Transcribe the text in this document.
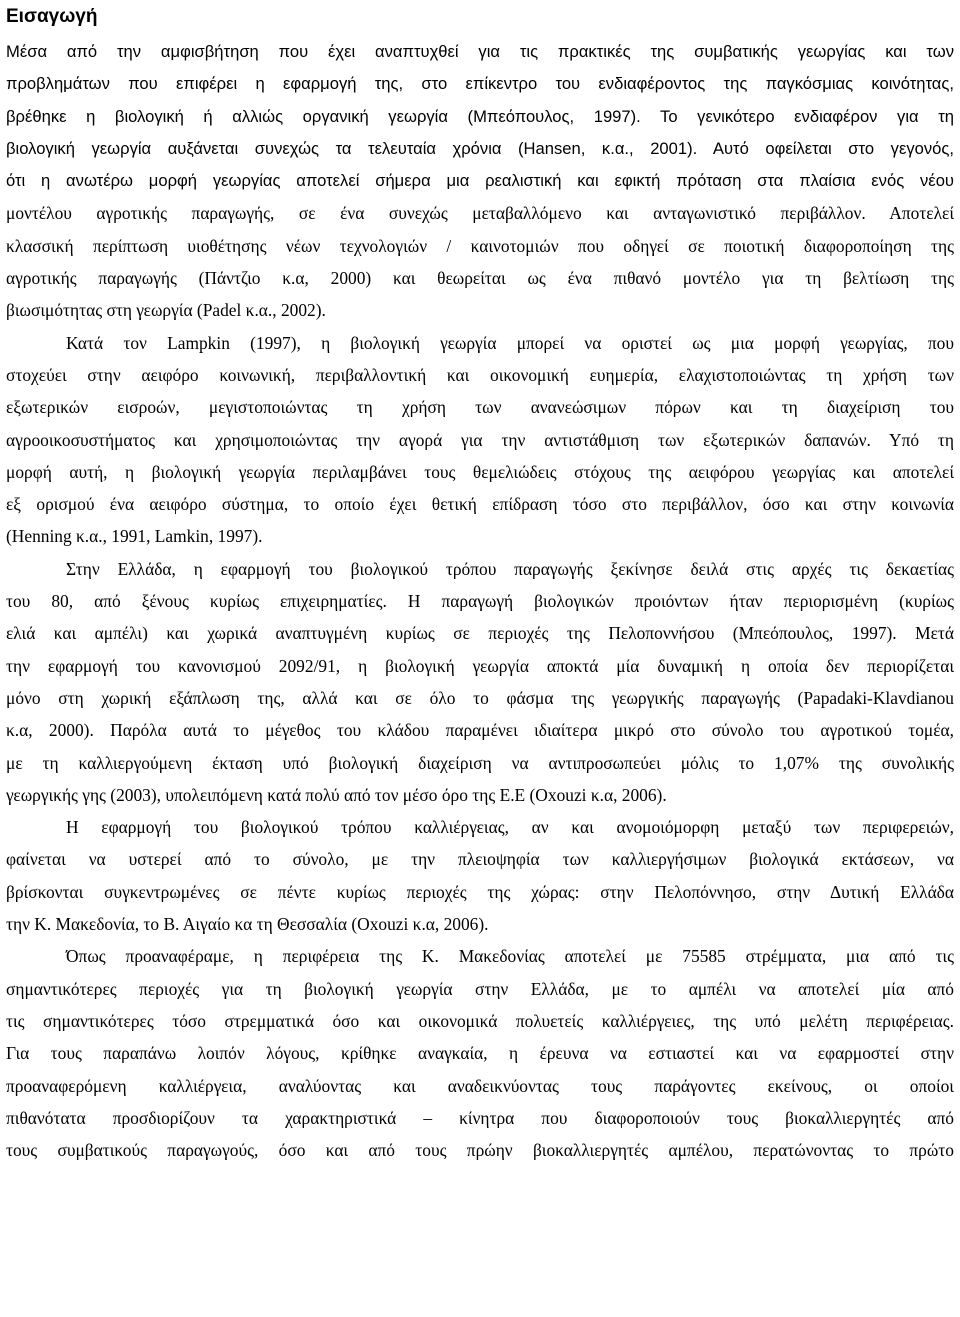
Εισαγωγή
Μέσα από την αμφισβήτηση που έχει αναπτυχθεί για τις πρακτικές της συμβατικής γεωργίας και των
προβλημάτων που επιφέρει η εφαρμογή της, στο επίκεντρο του ενδιαφέροντος της παγκόσμιας κοινότητας,
βρέθηκε η βιολογική ή αλλιώς οργανική γεωργία (Μπεόπουλος, 1997). Το γενικότερο ενδιαφέρον για τη
βιολογική γεωργία αυξάνεται συνεχώς τα τελευταία χρόνια (Hansen, κ.α., 2001). Αυτό οφείλεται στο γεγονός,
ότι η ανωτέρω μορφή γεωργίας αποτελεί σήμερα μια ρεαλιστική και εφικτή πρόταση στα πλαίσια ενός νέου
μοντέλου αγροτικής παραγωγής, σε ένα συνεχώς μεταβαλλόμενο και ανταγωνιστικό περιβάλλον. Αποτελεί
κλασσική περίπτωση υιοθέτησης νέων τεχνολογιών / καινοτομιών που οδηγεί σε ποιοτική διαφοροποίηση της
αγροτικής παραγωγής (Πάντζιο κ.α, 2000) και θεωρείται ως ένα πιθανό μοντέλο για τη βελτίωση της
βιωσιμότητας στη γεωργία (Padel κ.α., 2002).
Κατά τον Lampkin (1997), η βιολογική γεωργία μπορεί να οριστεί ως μια μορφή γεωργίας, που
στοχεύει στην αειφόρο κοινωνική, περιβαλλοντική και οικονομική ευημερία, ελαχιστοποιώντας τη χρήση των
εξωτερικών εισροών, μεγιστοποιώντας τη χρήση των ανανεώσιμων πόρων και τη διαχείριση του
αγροοικοσυστήματος και χρησιμοποιώντας την αγορά για την αντιστάθμιση των εξωτερικών δαπανών. Υπό τη
μορφή αυτή, η βιολογική γεωργία περιλαμβάνει τους θεμελιώδεις στόχους της αειφόρου γεωργίας και αποτελεί
εξ ορισμού ένα αειφόρο σύστημα, το οποίο έχει θετική επίδραση τόσο στο περιβάλλον, όσο και στην κοινωνία
(Henning κ.α., 1991, Lamkin, 1997).
Στην Ελλάδα, η εφαρμογή του βιολογικού τρόπου παραγωγής ξεκίνησε δειλά στις αρχές τις δεκαετίας
του 80, από ξένους κυρίως επιχειρηματίες. Η παραγωγή βιολογικών προιόντων ήταν περιορισμένη (κυρίως
ελιά και αμπέλι) και χωρικά αναπτυγμένη κυρίως σε περιοχές της Πελοποννήσου (Μπεόπουλος, 1997). Μετά
την εφαρμογή του κανονισμού 2092/91, η βιολογική γεωργία αποκτά μία δυναμική η οποία δεν περιορίζεται
μόνο στη χωρική εξάπλωση της, αλλά και σε όλο το φάσμα της γεωργικής παραγωγής (Papadaki-Klavdianou
κ.α, 2000). Παρόλα αυτά το μέγεθος του κλάδου παραμένει ιδιαίτερα μικρό στο σύνολο του αγροτικού τομέα,
με τη καλλιεργούμενη έκταση υπό βιολογική διαχείριση να αντιπροσωπεύει μόλις το 1,07% της συνολικής
γεωργικής γης (2003), υπολειπόμενη κατά πολύ από τον μέσο όρο της Ε.Ε (Oxouzi κ.α, 2006).
Η εφαρμογή του βιολογικού τρόπου καλλιέργειας, αν και ανομοιόμορφη μεταξύ των περιφερειών,
φαίνεται να υστερεί από το σύνολο, με την πλειοψηφία των καλλιεργήσιμων βιολογικά εκτάσεων, να
βρίσκονται συγκεντρωμένες σε πέντε κυρίως περιοχές της χώρας: στην Πελοπόννησο, στην Δυτική Ελλάδα
την Κ. Μακεδονία, το Β. Αιγαίο κα τη Θεσσαλία (Oxouzi κ.α, 2006).
Όπως προαναφέραμε, η περιφέρεια της Κ. Μακεδονίας αποτελεί με 75585 στρέμματα, μια από τις
σημαντικότερες περιοχές για τη βιολογική γεωργία στην Ελλάδα, με το αμπέλι να αποτελεί μία από
τις σημαντικότερες τόσο στρεμματικά όσο και οικονομικά πολυετείς καλλιέργειες, της υπό μελέτη περιφέρειας.
Για τους παραπάνω λοιπόν λόγους, κρίθηκε αναγκαία, η έρευνα να εστιαστεί και να εφαρμοστεί στην
προαναφερόμενη καλλιέργεια, αναλύοντας και αναδεικνύοντας τους παράγοντες εκείνους, οι οποίοι
πιθανότατα προσδιορίζουν τα χαρακτηριστικά – κίνητρα που διαφοροποιούν τους βιοκαλλιεργητές από
τους συμβατικούς παραγωγούς, όσο και από τους πρώην βιοκαλλιεργητές αμπέλου, περατώνοντας το πρώτο
